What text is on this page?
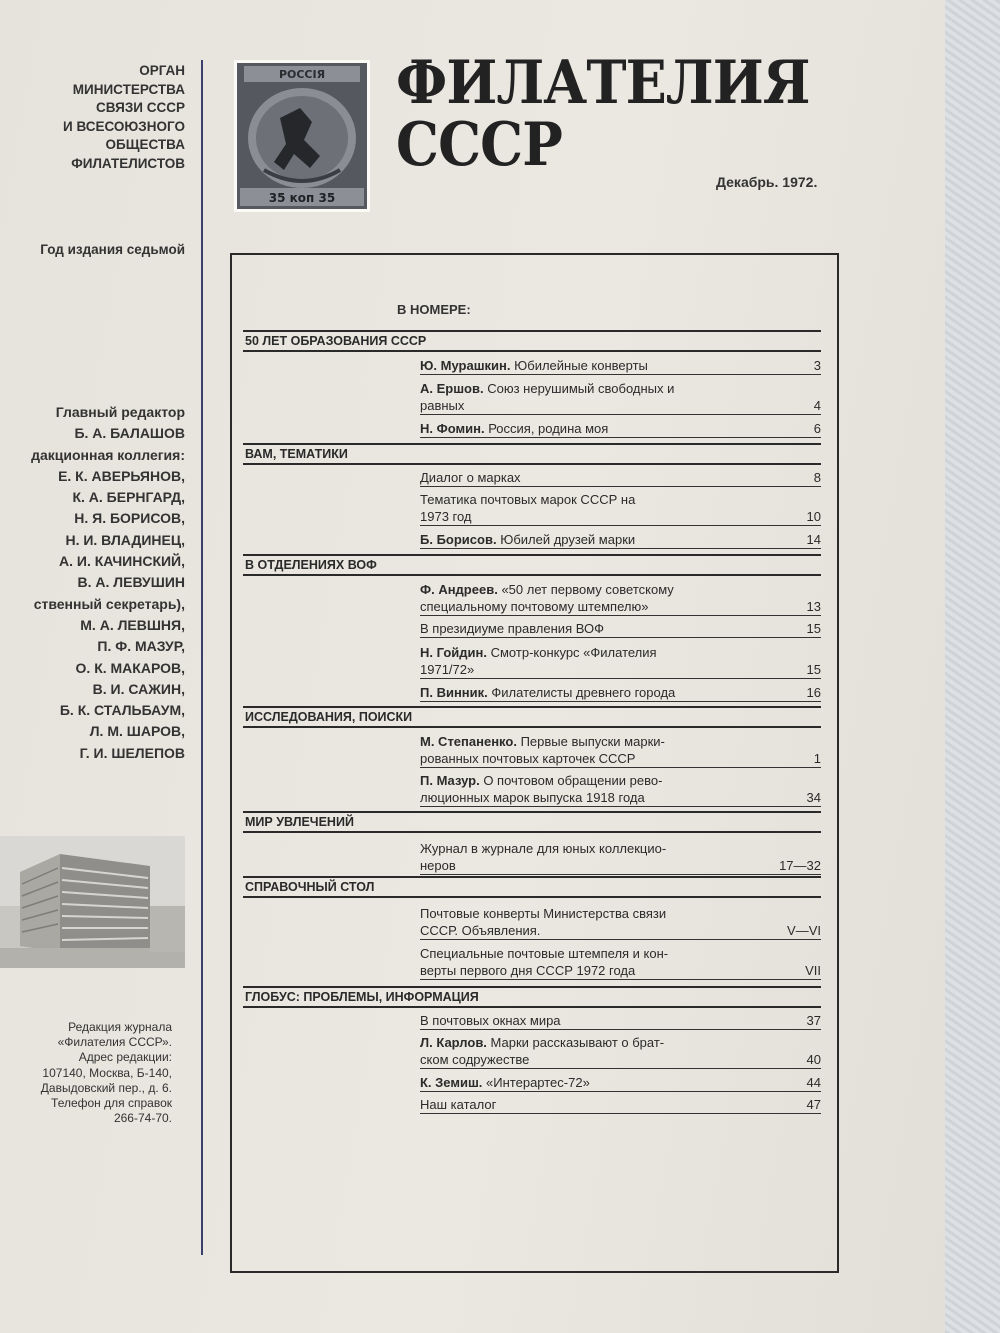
ОРГАН
МИНИСТЕРСТВА
СВЯЗИ СССР
И ВСЕСОЮЗНОГО
ОБЩЕСТВА
ФИЛАТЕЛИСТОВ
РОССIЯ
35 коп 35
ФИЛАТЕЛИЯ
СССР
Декабрь. 1972.
Год издания седьмой
Главный редактор
Б. А. БАЛАШОВ
дакционная коллегия:
Е. К. АВЕРЬЯНОВ,
К. А. БЕРНГАРД,
Н. Я. БОРИСОВ,
Н. И. ВЛАДИНЕЦ,
А. И. КАЧИНСКИЙ,
В. А. ЛЕВУШИН
ственный секретарь),
М. А. ЛЕВШНЯ,
П. Ф. МАЗУР,
О. К. МАКАРОВ,
В. И. САЖИН,
Б. К. СТАЛЬБАУМ,
Л. М. ШАРОВ,
Г. И. ШЕЛЕПОВ
Редакция журнала
«Филателия СССР».
Адрес редакции:
107140, Москва, Б-140,
Давыдовский пер., д. 6.
Телефон для справок
266-74-70.
В НОМЕРЕ:
50 ЛЕТ ОБРАЗОВАНИЯ СССР
Ю. Мурашкин. Юбилейные конверты	3
А. Ершов. Союз нерушимый свободных и
равных	4
Н. Фомин. Россия, родина моя	6
ВАМ, ТЕМАТИКИ
Диалог о марках	8
Тематика почтовых марок СССР на
1973 год	10
Б. Борисов. Юбилей друзей марки	14
В ОТДЕЛЕНИЯХ ВОФ
Ф. Андреев. «50 лет первому советскому
специальному почтовому штемпелю»	13
В президиуме правления ВОФ	15
Н. Гойдин. Смотр-конкурс «Филателия
1971/72»	15
П. Винник. Филателисты древнего города	16
ИССЛЕДОВАНИЯ, ПОИСКИ
М. Степаненко. Первые выпуски марки-
рованных почтовых карточек СССР	1
П. Мазур. О почтовом обращении рево-
люционных марок выпуска 1918 года	34
МИР УВЛЕЧЕНИЙ
Журнал в журнале для юных коллекцио-
неров	17—32
СПРАВОЧНЫЙ СТОЛ
Почтовые конверты Министерства связи
СССР. Объявления.	V—VI
Специальные почтовые штемпеля и кон-
верты первого дня СССР 1972 года	VII
ГЛОБУС: ПРОБЛЕМЫ, ИНФОРМАЦИЯ
В почтовых окнах мира	37
Л. Карлов. Марки рассказывают о брат-
ском содружестве	40
К. Земиш. «Интерартес-72»	44
Наш каталог	47
